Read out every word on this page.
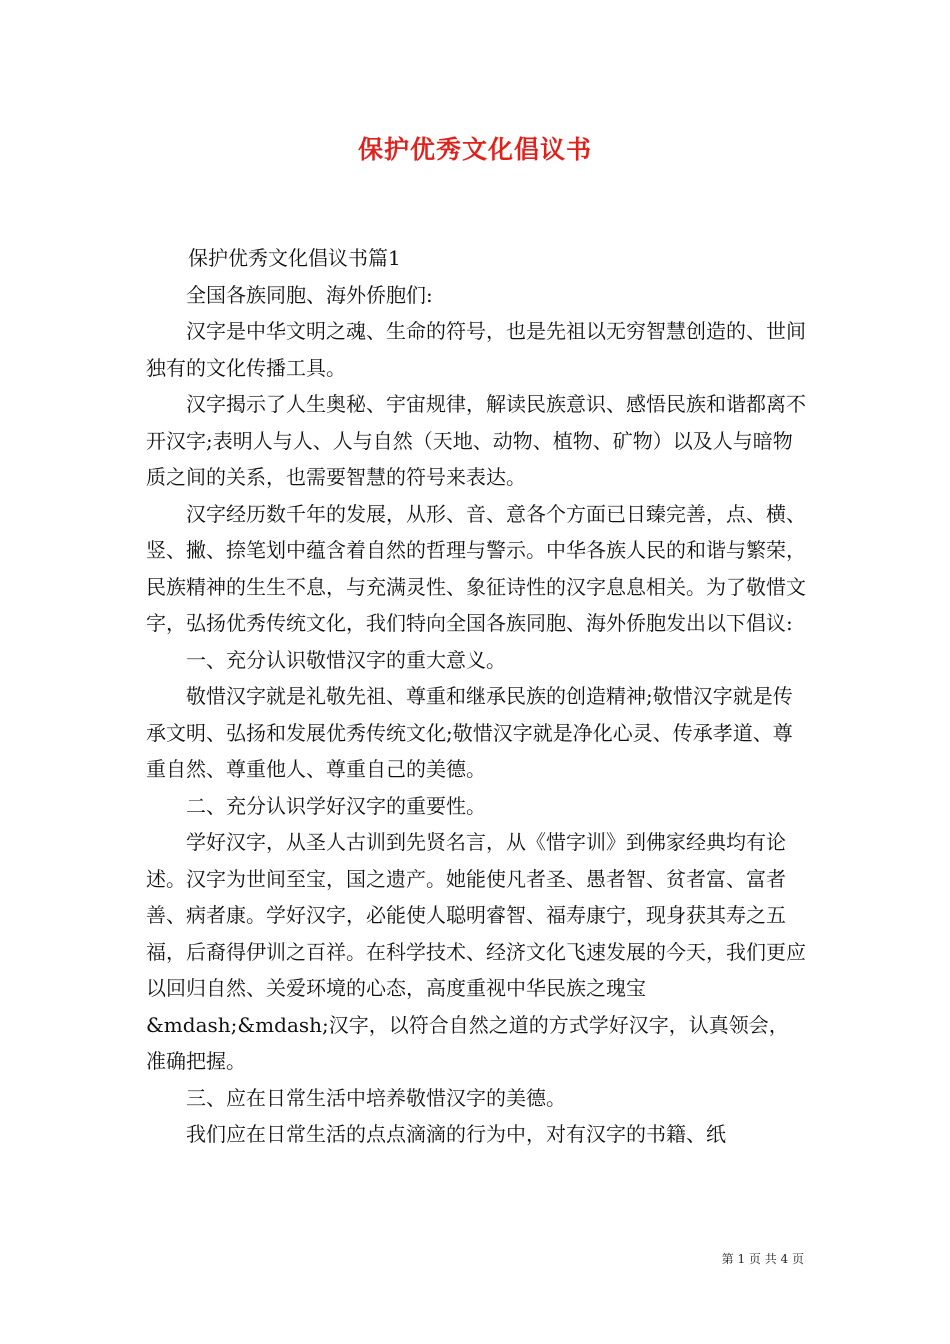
保护优秀文化倡议书

保护优秀文化倡议书篇1

全国各族同胞、海外侨胞们:

汉字是中华文明之魂、生命的符号，也是先祖以无穷智慧创造的、世间独有的文化传播工具。

汉字揭示了人生奥秘、宇宙规律，解读民族意识、感悟民族和谐都离不开汉字;表明人与人、人与自然（天地、动物、植物、矿物）以及人与暗物质之间的关系，也需要智慧的符号来表达。

汉字经历数千年的发展，从形、音、意各个方面已日臻完善，点、横、竖、撇、捺笔划中蕴含着自然的哲理与警示。中华各族人民的和谐与繁荣，民族精神的生生不息，与充满灵性、象征诗性的汉字息息相关。为了敬惜文字，弘扬优秀传统文化，我们特向全国各族同胞、海外侨胞发出以下倡议:

一、充分认识敬惜汉字的重大意义。

敬惜汉字就是礼敬先祖、尊重和继承民族的创造精神;敬惜汉字就是传承文明、弘扬和发展优秀传统文化;敬惜汉字就是净化心灵、传承孝道、尊重自然、尊重他人、尊重自己的美德。

二、充分认识学好汉字的重要性。

学好汉字，从圣人古训到先贤名言，从《惜字训》到佛家经典均有论述。汉字为世间至宝，国之遗产。她能使凡者圣、愚者智、贫者富、富者善、病者康。学好汉字，必能使人聪明睿智、福寿康宁，现身获其寿之五福，后裔得伊训之百祥。在科学技术、经济文化飞速发展的今天，我们更应以回归自然、关爱环境的心态，高度重视中华民族之瑰宝&mdash;&mdash;汉字，以符合自然之道的方式学好汉字，认真领会，准确把握。

三、应在日常生活中培养敬惜汉字的美德。

我们应在日常生活的点点滴滴的行为中，对有汉字的书籍、纸

第 1 页 共 4 页
